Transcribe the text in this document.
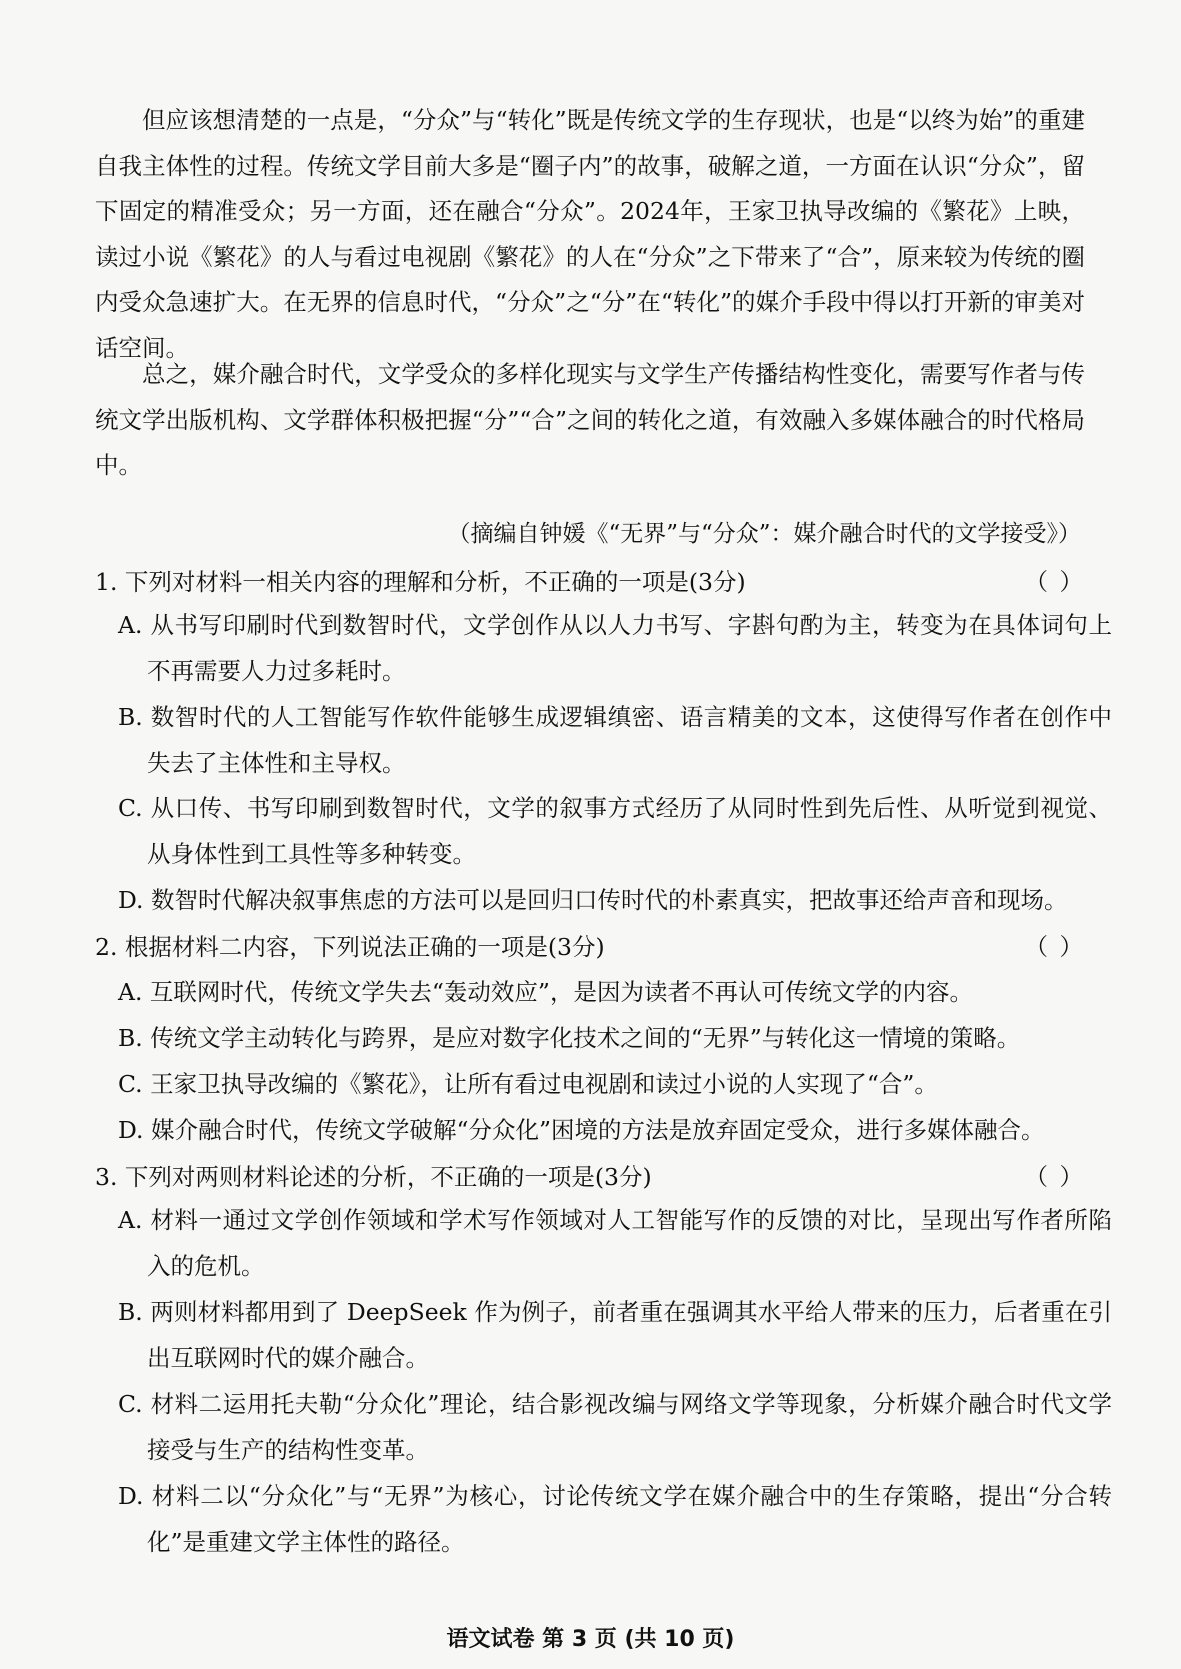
但应该想清楚的一点是，“分众”与“转化”既是传统文学的生存现状，也是“以终为始”的重建自我主体性的过程。传统文学目前大多是“圈子内”的故事，破解之道，一方面在认识“分众”，留下固定的精准受众；另一方面，还在融合“分众”。2024年，王家卫执导改编的《繁花》上映，读过小说《繁花》的人与看过电视剧《繁花》的人在“分众”之下带来了“合”，原来较为传统的圈内受众急速扩大。在无界的信息时代，“分众”之“分”在“转化”的媒介手段中得以打开新的审美对话空间。

总之，媒介融合时代，文学受众的多样化现实与文学生产传播结构性变化，需要写作者与传统文学出版机构、文学群体积极把握“分”“合”之间的转化之道，有效融入多媒体融合的时代格局中。

（摘编自钟媛《“无界”与“分众”：媒介融合时代的文学接受》）
1. 下列对材料一相关内容的理解和分析，不正确的一项是(3分)	（ ）
A. 从书写印刷时代到数智时代，文学创作从以人力书写、字斟句酌为主，转变为在具体词句上不再需要人力过多耗时。
B. 数智时代的人工智能写作软件能够生成逻辑缜密、语言精美的文本，这使得写作者在创作中失去了主体性和主导权。
C. 从口传、书写印刷到数智时代，文学的叙事方式经历了从同时性到先后性、从听觉到视觉、从身体性到工具性等多种转变。
D. 数智时代解决叙事焦虑的方法可以是回归口传时代的朴素真实，把故事还给声音和现场。
2. 根据材料二内容，下列说法正确的一项是(3分)	（ ）
A. 互联网时代，传统文学失去“轰动效应”，是因为读者不再认可传统文学的内容。
B. 传统文学主动转化与跨界，是应对数字化技术之间的“无界”与转化这一情境的策略。
C. 王家卫执导改编的《繁花》，让所有看过电视剧和读过小说的人实现了“合”。
D. 媒介融合时代，传统文学破解“分众化”困境的方法是放弃固定受众，进行多媒体融合。
3. 下列对两则材料论述的分析，不正确的一项是(3分)	（ ）
A. 材料一通过文学创作领域和学术写作领域对人工智能写作的反馈的对比，呈现出写作者所陷入的危机。
B. 两则材料都用到了 DeepSeek 作为例子，前者重在强调其水平给人带来的压力，后者重在引出互联网时代的媒介融合。
C. 材料二运用托夫勒“分众化”理论，结合影视改编与网络文学等现象，分析媒介融合时代文学接受与生产的结构性变革。
D. 材料二以“分众化”与“无界”为核心，讨论传统文学在媒介融合中的生存策略，提出“分合转化”是重建文学主体性的路径。
语文试卷 第 3 页 (共 10 页)
